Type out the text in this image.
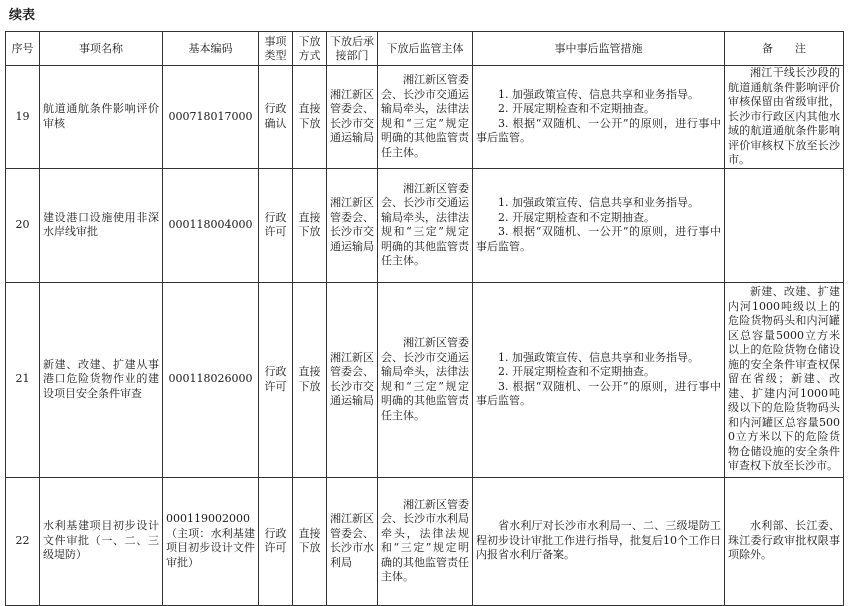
续表
序号	事项名称	基本编码	事项类型	下放方式	下放后承接部门	下放后监管主体	事中事后监管措施	备　　注
19	航道通航条件影响评价审核	000718017000	行政确认	直接下放	湘江新区管委会、长沙市交通运输局	湘江新区管委会、长沙市交通运输局牵头，法律法规和“三定”规定明确的其他监管责任主体。	1. 加强政策宣传、信息共享和业务指导。
2. 开展定期检查和不定期抽查。
3. 根据“双随机、一公开”的原则，进行事中事后监管。	湘江干线长沙段的航道通航条件影响评价审核保留由省级审批，长沙市行政区内其他水域的航道通航条件影响评价审核权下放至长沙市。
20	建设港口设施使用非深水岸线审批	000118004000	行政许可	直接下放	湘江新区管委会、长沙市交通运输局	湘江新区管委会、长沙市交通运输局牵头，法律法规和“三定”规定明确的其他监管责任主体。	1. 加强政策宣传、信息共享和业务指导。
2. 开展定期检查和不定期抽查。
3. 根据“双随机、一公开”的原则，进行事中事后监管。	

21	新建、改建、扩建从事港口危险货物作业的建设项目安全条件审查	000118026000	行政许可	直接下放	湘江新区管委会、长沙市交通运输局	湘江新区管委会、长沙市交通运输局牵头，法律法规和“三定”规定明确的其他监管责任主体。	1. 加强政策宣传、信息共享和业务指导。
2. 开展定期检查和不定期抽查。
3. 根据“双随机、一公开”的原则，进行事中事后监管。	新建、改建、扩建内河1000吨级以上的危险货物码头和内河罐区总容量5000立方米以上的危险货物仓储设施的安全条件审查权保留在省级；新建、改建、扩建内河1000吨级以下的危险货物码头和内河罐区总容量5000立方米以下的危险货物仓储设施的安全条件审查权下放至长沙市。
22	水利基建项目初步设计文件审批（一、二、三级堤防）	000119002000（主项：水利基建项目初步设计文件审批）	行政许可	直接下放	湘江新区管委会、长沙市水利局	湘江新区管委会、长沙市水利局牵头，法律法规和“三定”规定明确的其他监管责任主体。	省水利厅对长沙市水利局一、二、三级堤防工程初步设计审批工作进行指导，批复后10个工作日内报省水利厅备案。	水利部、长江委、珠江委行政审批权限事项除外。
